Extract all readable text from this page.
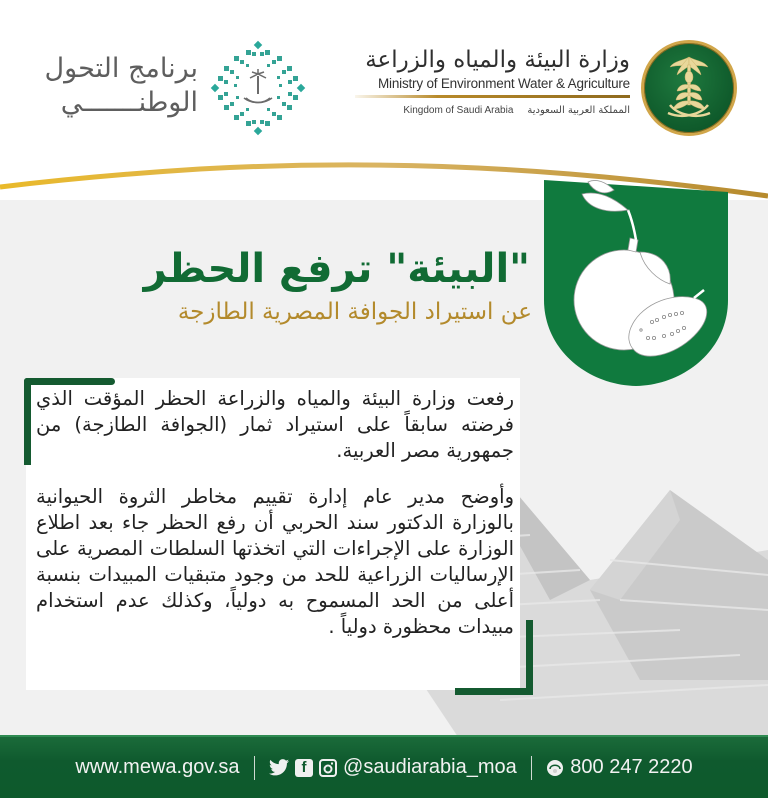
وزارة البيئة والمياه والزراعة
Ministry of Environment Water & Agriculture
Kingdom of Saudi Arabia المملكة العربية السعودية
برنامج التحول
الوطنـــــــي
"البيئة" ترفع الحظر
عن استيراد الجوافة المصرية الطازجة

رفعت وزارة البيئة والمياه والزراعة الحظر المؤقت الذي فرضته سابقاً على استيراد ثمار (الجوافة الطازجة) من جمهورية مصر العربية.

وأوضح مدير عام إدارة تقييم مخاطر الثروة الحيوانية بالوزارة الدكتور سند الحربي أن رفع الحظر جاء بعد اطلاع الوزارة على الإجراءات التي اتخذتها السلطات المصرية على الإرساليات الزراعية للحد من وجود متبقيات المبيدات بنسبة أعلى من الحد المسموح به دولياً، وكذلك عدم استخدام مبيدات محظورة دولياً .

www.mewa.gov.sa	f	@saudiarabia_moa	800 247 2220
